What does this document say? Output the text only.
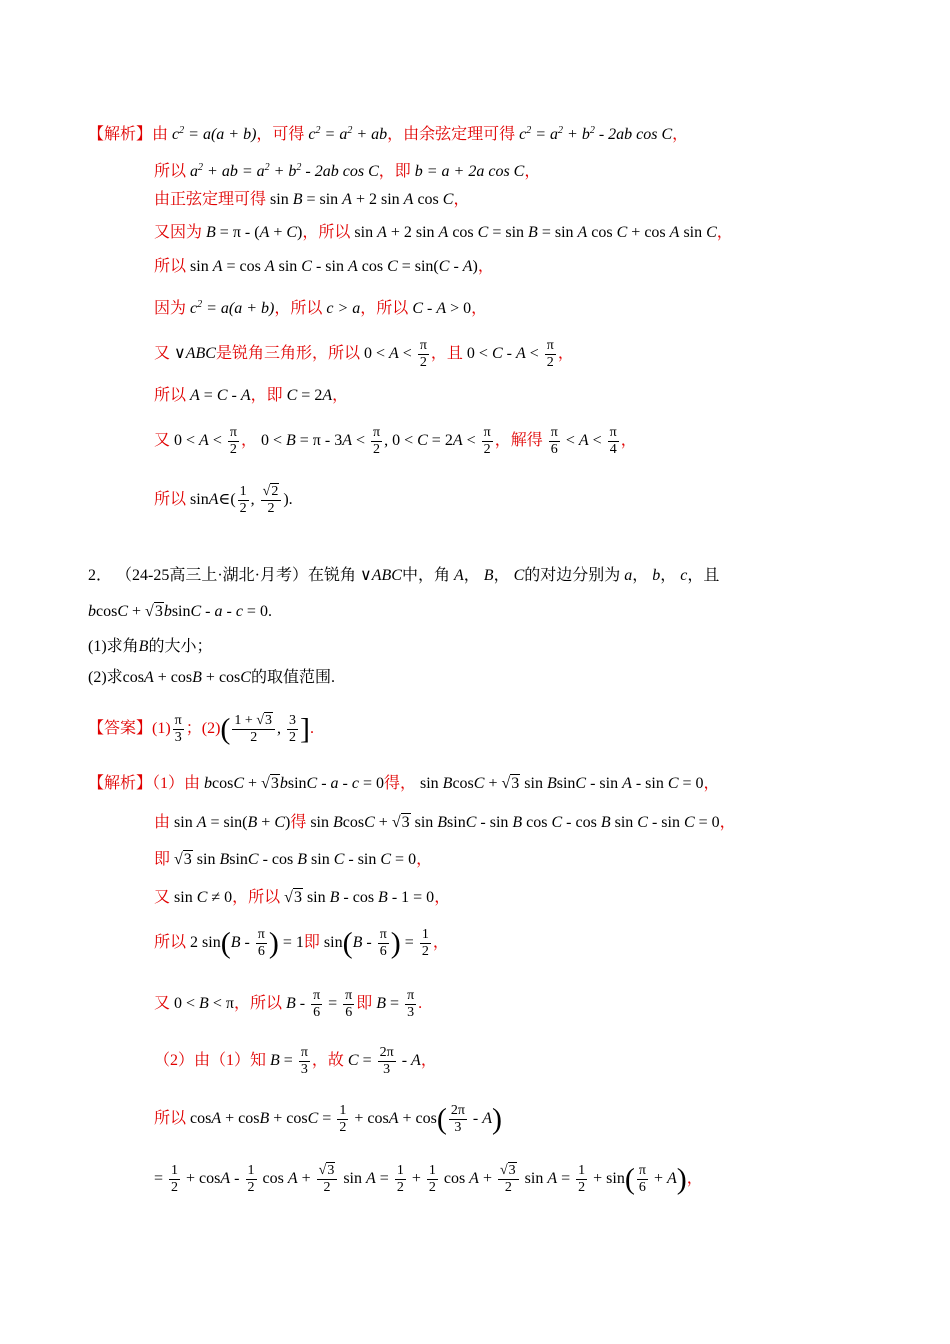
【解析】由 $c^2 = a(a + b)$，可得 $c^2 = a^2$ + ab，由余弦定理可得 $c^2 = a^2 + b^2 - 2ab$ cos C，
所以 $a^2$ + ab = $a^2 + b^2 - 2ab$ cos C，即 b = a + 2a cos C，
由正弦定理可得 sin B = sin A + 2 sin A cos C，
又因为 B = π - (A + C)，所以 sin A + 2 sin A cos C = sin B = sin A cos C + cos A sin C，
所以 sin A = cos A sin C - sin A cos C = sin(C - A)，
因为 $c^2 = a(a + b)$，所以 c > a，所以 C - A > 0，
又 ∨ABC是锐角三角形，所以 $0 < A < \frac{\pi}{2}$ ，且 $0 < C - A < \frac{\pi}{2}$ ，
所以 A = C - A，即 C = 2A，
又 $0 < A < \frac{\pi}{2}$ ， $0 < B = \pi - 3A < \frac{\pi}{2}$ , $0 < C = 2A < \frac{\pi}{2}$ ，解得 $\frac{\pi}{6} < A < \frac{\pi}{4}$ ，
所以 sinA∈( $\frac{1}{2}$ , $\frac{√2}{2}$ ).
2． （24-25高三上·湖北·月考）在锐角 ∨ABC中，角 A， B， C的对边分别为 a， b， c，且
bcosC + √3bsinC - a - c = 0.
(1)求角B的大小；
(2)求cosA + cosB + cosC的取值范围.
【答案】$(1) \frac{\pi}{3}$ ；$(2)( \frac{1 + √3}{2}$ , $\frac{3}{2}$ ].
【解析】（1）由 bcosC + √3bsinC - a - c = 0得， sin BcosC + √3 sin BsinC - sin A - sin C = 0，
由 sin A = sin(B + C)得 sin BcosC + √3 sin BsinC - sin B cos C - cos B sin C - sin C = 0，
即 √3 sin BsinC - cos B sin C - sin C = 0，
又 sin C ≠ 0，所以 √3 sin B - cos B - 1 = 0，
所以 2 $\sin(B - \frac{\pi}{6}$ ) = 1即 $\sin(B - \frac{\pi}{6}$ ) = $\frac{1}{2}$ ，
又 0 < B < π，所以 $B - \frac{\pi}{6} = \frac{\pi}{6}$ 即 $B = \frac{\pi}{3}$ .
（2）由（1）知 $B = \frac{\pi}{3}$ ，故 $C = \frac{2\pi}{3} - A$，
所以 $\cos A + \cos B + \cos C = \frac{1}{2} + \cos A + \cos( \frac{2\pi}{3} - A)$
= $\frac{1}{2} + \cos A - \frac{1}{2}$ $\cos A + \frac{√3}{2}$ $\sin A = \frac{1}{2} + \frac{1}{2}$ $\cos A + \frac{√3}{2}$ $\sin A = \frac{1}{2} + \sin( \frac{\pi}{6} + A)$，
